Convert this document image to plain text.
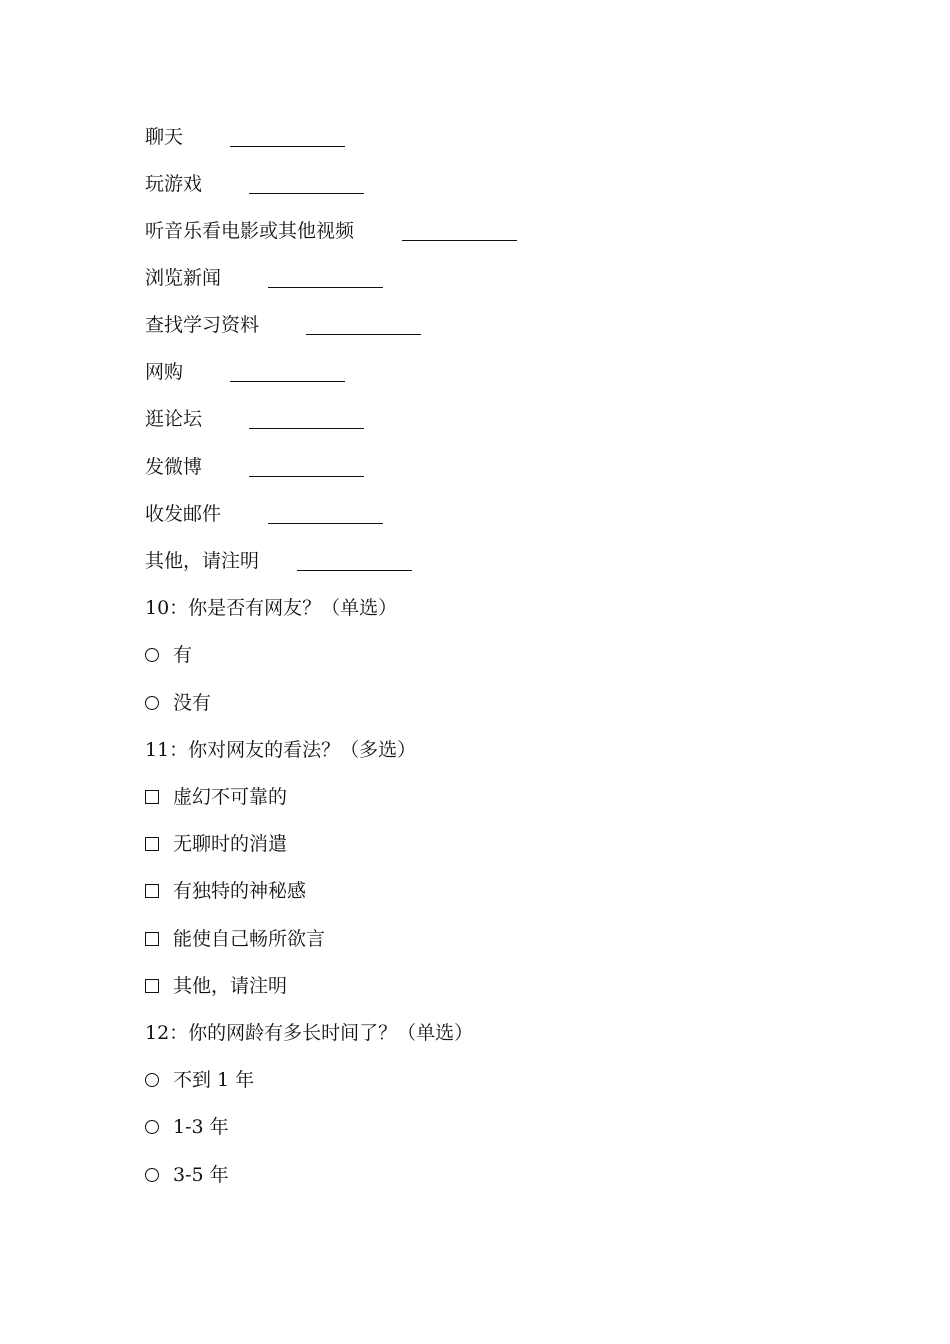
聊天
玩游戏
听音乐看电影或其他视频
浏览新闻
查找学习资料
网购
逛论坛
发微博
收发邮件
其他，请注明
10：你是否有网友？（单选）
有
没有
11：你对网友的看法？（多选）
虚幻不可靠的
无聊时的消遣
有独特的神秘感
能使自己畅所欲言
其他，请注明
12：你的网龄有多长时间了？（单选）
不到 1 年
1-3 年
3-5 年
